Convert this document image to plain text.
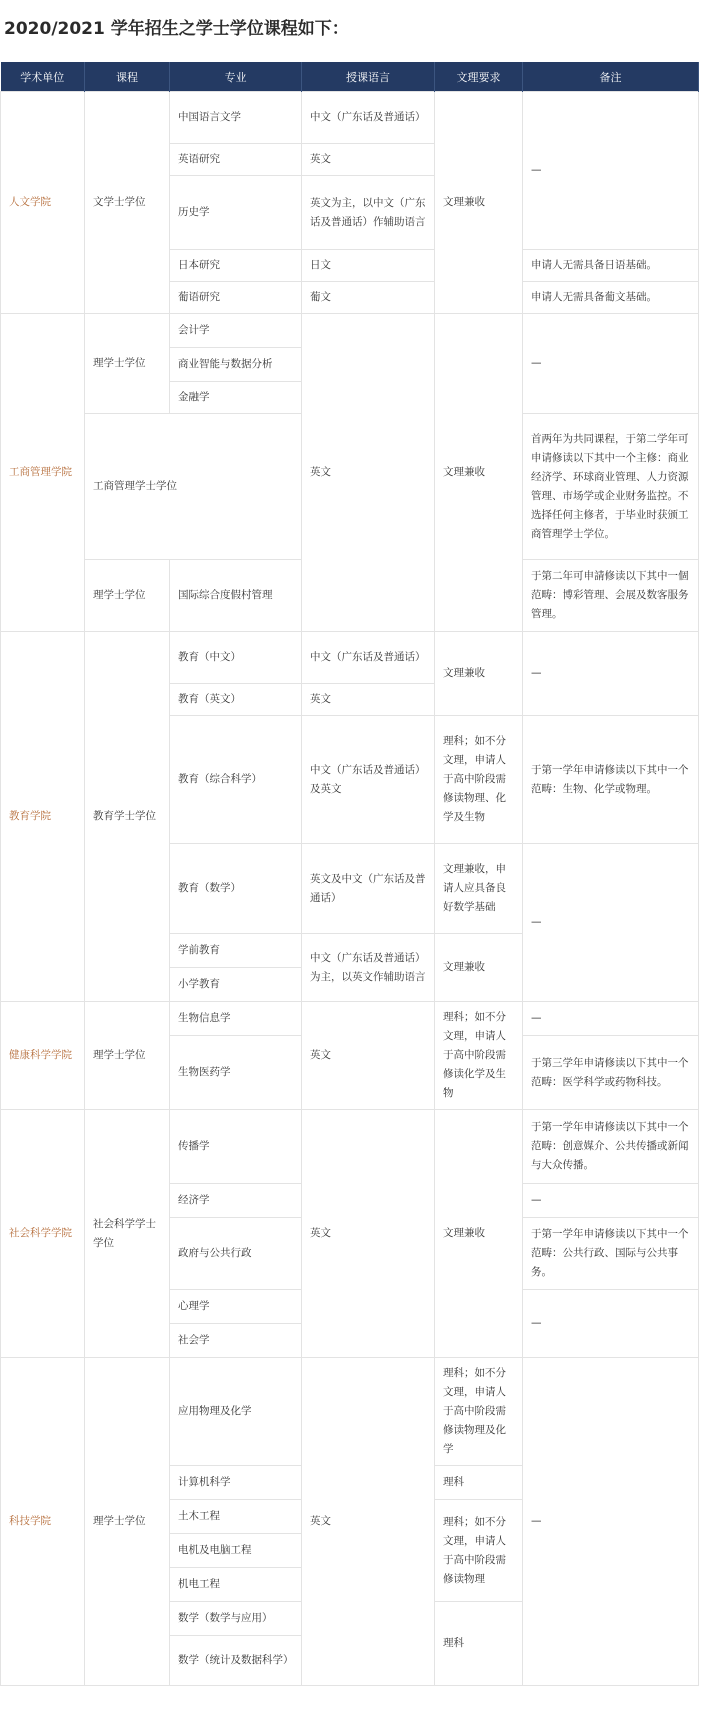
2020/2021 学年招生之学士学位课程如下：
学术单位	课程	专业	授课语言	文理要求	备注
人文学院	文学士学位	中国语言文学	中文（广东话及普通话）	文理兼收	—
		英语研究	英文		
		历史学	英文为主，以中文（广东话及普通话）作辅助语言		
		日本研究	日文		申请人无需具备日语基础。
		葡语研究	葡文		申请人无需具备葡文基础。
工商管理学院	理学士学位	会计学	英文	文理兼收	—
		商业智能与数据分析			
		金融学			
	工商管理学士学位				首两年为共同课程，于第二学年可申请修读以下其中一个主修：商业经济学、环球商业管理、人力资源管理、市场学或企业财务监控。不选择任何主修者，于毕业时获颁工商管理学士学位。
	理学士学位	国际综合度假村管理			于第二年可申請修读以下其中一個范畴：博彩管理、会展及数客服务管理。
教育学院	教育学士学位	教育（中文）	中文（广东话及普通话）	文理兼收	—
		教育（英文）	英文		
		教育（综合科学）	中文（广东话及普通话）及英文	理科；如不分文理，申请人于高中阶段需修读物理、化学及生物	于第一学年申请修读以下其中一个范畴：生物、化学或物理。
		教育（数学）	英文及中文（广东话及普通话）	文理兼收，申请人应具备良好数学基础	—
		学前教育	中文（广东话及普通话）为主，以英文作辅助语言	文理兼收	
		小学教育			
健康科学学院	理学士学位	生物信息学	英文	理科；如不分文理，申请人于高中阶段需修读化学及生物	—
		生物医药学			于第三学年申请修读以下其中一个范畴：医学科学或药物科技。
社会科学学院	社会科学学士学位	传播学	英文	文理兼收	于第一学年申请修读以下其中一个范畴：创意媒介、公共传播或新闻与大众传播。
		经济学			—
		政府与公共行政			于第一学年申请修读以下其中一个范畴：公共行政、国际与公共事务。
		心理学			—
		社会学			
科技学院	理学士学位	应用物理及化学	英文	理科；如不分文理，申请人于高中阶段需修读物理及化学	—
		计算机科学		理科	
		土木工程		理科；如不分文理，申请人于高中阶段需修读物理	
		电机及电脑工程			
		机电工程			
		数学（数学与应用）		理科	
		数学（统计及数据科学）			
